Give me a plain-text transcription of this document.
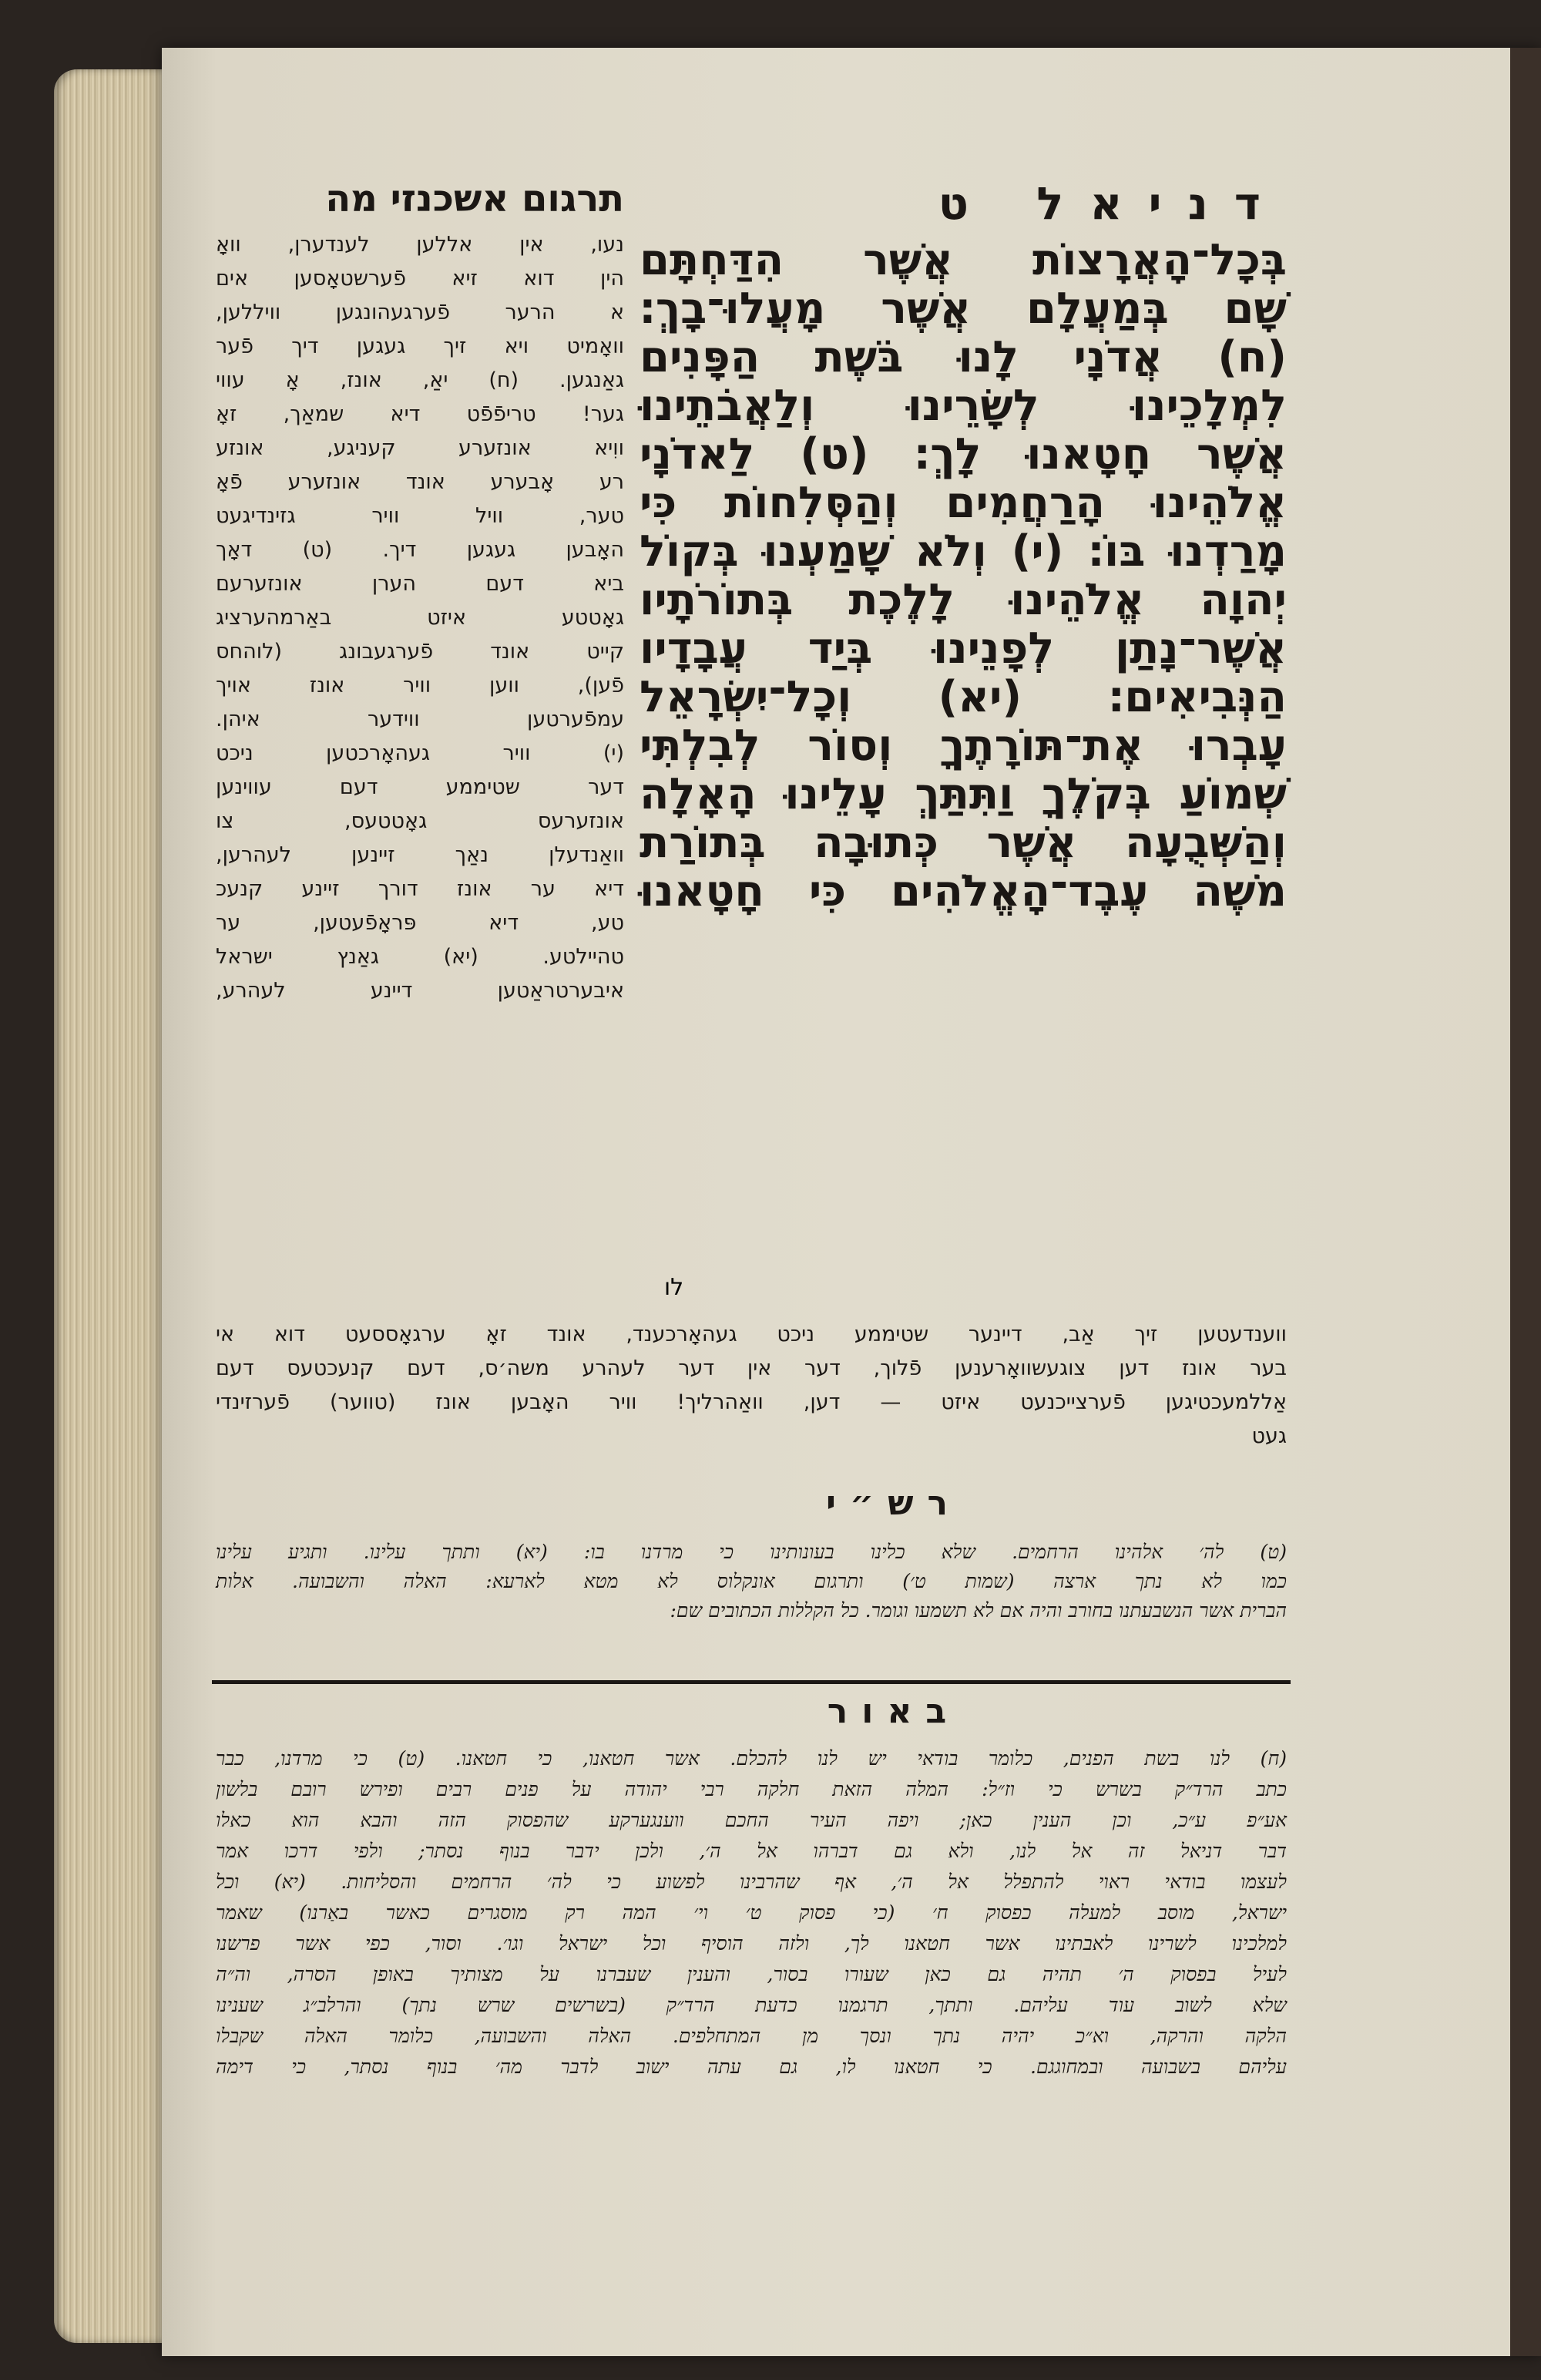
דניאל ט
בְּכָל־הָאֲרָצוֹת אֲשֶׁר הִדַּחְתָּם
שָׁם בְּמַעֲלָם אֲשֶׁר מָעֲלוּ־בָךְ׃
(ח) אֲדֹנָי לָנוּ בֹּשֶׁת הַפָּנִים
לִמְלָכֵינוּ לְשָׂרֵינוּ וְלַאֲבֹתֵינוּ
אֲשֶׁר חָטָאנוּ לָךְ׃ (ט) לַאדֹנָי
אֱלֹהֵינוּ הָרַחֲמִים וְהַסְּלִחוֹת כִּי
מָרַדְנוּ בּוֹ׃ (י) וְלֹא שָׁמַעְנוּ בְּקוֹל
יְהוָה אֱלֹהֵינוּ לָלֶכֶת בְּתוֹרֹתָיו
אֲשֶׁר־נָתַן לְפָנֵינוּ בְּיַד עֲבָדָיו
הַנְּבִיאִים׃ (יא) וְכָל־יִשְׂרָאֵל
עָבְרוּ אֶת־תּוֹרָתֶךָ וְסוֹר לְבִלְתִּי
שְׁמוֹעַ בְּקֹלֶךָ וַתִּתַּךְ עָלֵינוּ הָאָלָה
וְהַשְּׁבֻעָה אֲשֶׁר כְּתוּבָה בְּתוֹרַת
מֹשֶׁה עֶבֶד־הָאֱלֹהִים כִּי חָטָאנוּ
תרגום אשכנזי מה
נעו, אין אללען לענדערן, וואָ
הין דוא זיא פֿערשטאָסען אים
א הרער פֿערגעהונגען וויללען,
וואָמיט ויא זיך געגען דיך פֿער
גאַנגען. (ח) יאַ, אונז, אָ עווי
גער! טריפֿפֿט דיא שמאַך, זאָ
ווִיא אונזערע קעניגע, אונזע
רע אָבערע אונד אונזערע פֿאָ
טער, וויל וויר גזינדיגעט
האָבען געגען דיך. (ט) דאָך
ביא דעם הערן אונזערעם
גאָטטע איזט באַרמהערציג
קייט אונד פֿערגעבונג (לוהחס
פֿען), ווען וויר אונז אויך
עמפֿערטען ווידער איהן.
(י) וויר געהאָרכטען ניכט
דער שטיממע דעם עווינען
אונזערעס גאָטטעס, צו
וואַנדעלן נאַך זיינען לעהרען,
דיא ער אונז דורך זיינע קנעכ
טע, דיא פּראָפֿעטען, ער
טהיילטע. (יא) גאַנץ ישראל
איבערטראַטען דיינע לעהרע,
לו
ווענדעטען זיך אַב, דיינער שטיממע ניכט געהאָרכענד, אונד זאָ ערגאָססעט דוא אי
בער אונז דען צוגעשוואָרענען פֿלוך, דער אין דער לעהרע משה׳ס, דעם קנעכטעס דעם
אַללמעכטיגען פֿערצייכנעט איזט — דען, וואַהרליך! וויר האָבען אונז (טווער) פֿערזינדי
געט
רש״י
(ט) לה׳ אלהינו הרחמים. שלא כלינו בעונותינו כי מרדנו בו: (יא) ותתך עלינו. ותגיע עלינו
כמו לא נתך ארצה (שמות ט׳) ותרגום אונקלוס לא מטא לארעא: האלה והשבועה. אלות
הברית אשר הנשבעתנו בחורב והיה אם לא תשמעו וגומר. כל הקללות הכתובים שם:
באור
(ח) לנו בשת הפנים, כלומר בודאי יש לנו להכלם. אשר חטאנו, כי חטאנו. (ט) כי מרדנו, כבר
כתב הרד״ק בשרש כי וז״ל: המלה הזאת חלקה רבי יהודה על פנים רבים ופירש רובם בלשון
אע״פ ע״כ, וכן הענין כאן; ויפה העיר החכם ווענגערקע שהפסוק הזה והבא הוא כאלו
דבר דניאל זה אל לנו, ולא גם דברהו אל ה׳, ולכן ידבר בנוף נסתר; ולפי דרכו אמר
לעצמו בודאי ראוי להתפלל אל ה׳, אף שהרבינו לפשוע כי לה׳ הרחמים והסליחות. (יא) וכל
ישראל, מוסב למעלה כפסוק ח׳ (כי פסוק ט׳ וי׳ המה רק מוסגרים כאשר באַרנו) שאמר
למלכינו לשרינו לאבתינו אשר חטאנו לך, ולזה הוסיף וכל ישראל וגו׳. וסור, כפי אשר פרשנו
לעיל בפסוק ה׳ תהיה גם כאן שעורו בסור, והענין שעברנו על מצותיך באופן הסרה, וה״ה
שלא לשוב עוד עליהם. ותתך, תרגמנו כדעת הרד״ק (בשרשים שרש נתך) והרלב״ג שענינו
הלקה והרקה, וא״כ יהיה נתך ונסך מן המתחלפים. האלה והשבועה, כלומר האלה שקבלו
עליהם בשבועה ובמחוגגם. כי חטאנו לו, גם עתה ישוב לדבר מה׳ בנוף נסתר, כי דימה
